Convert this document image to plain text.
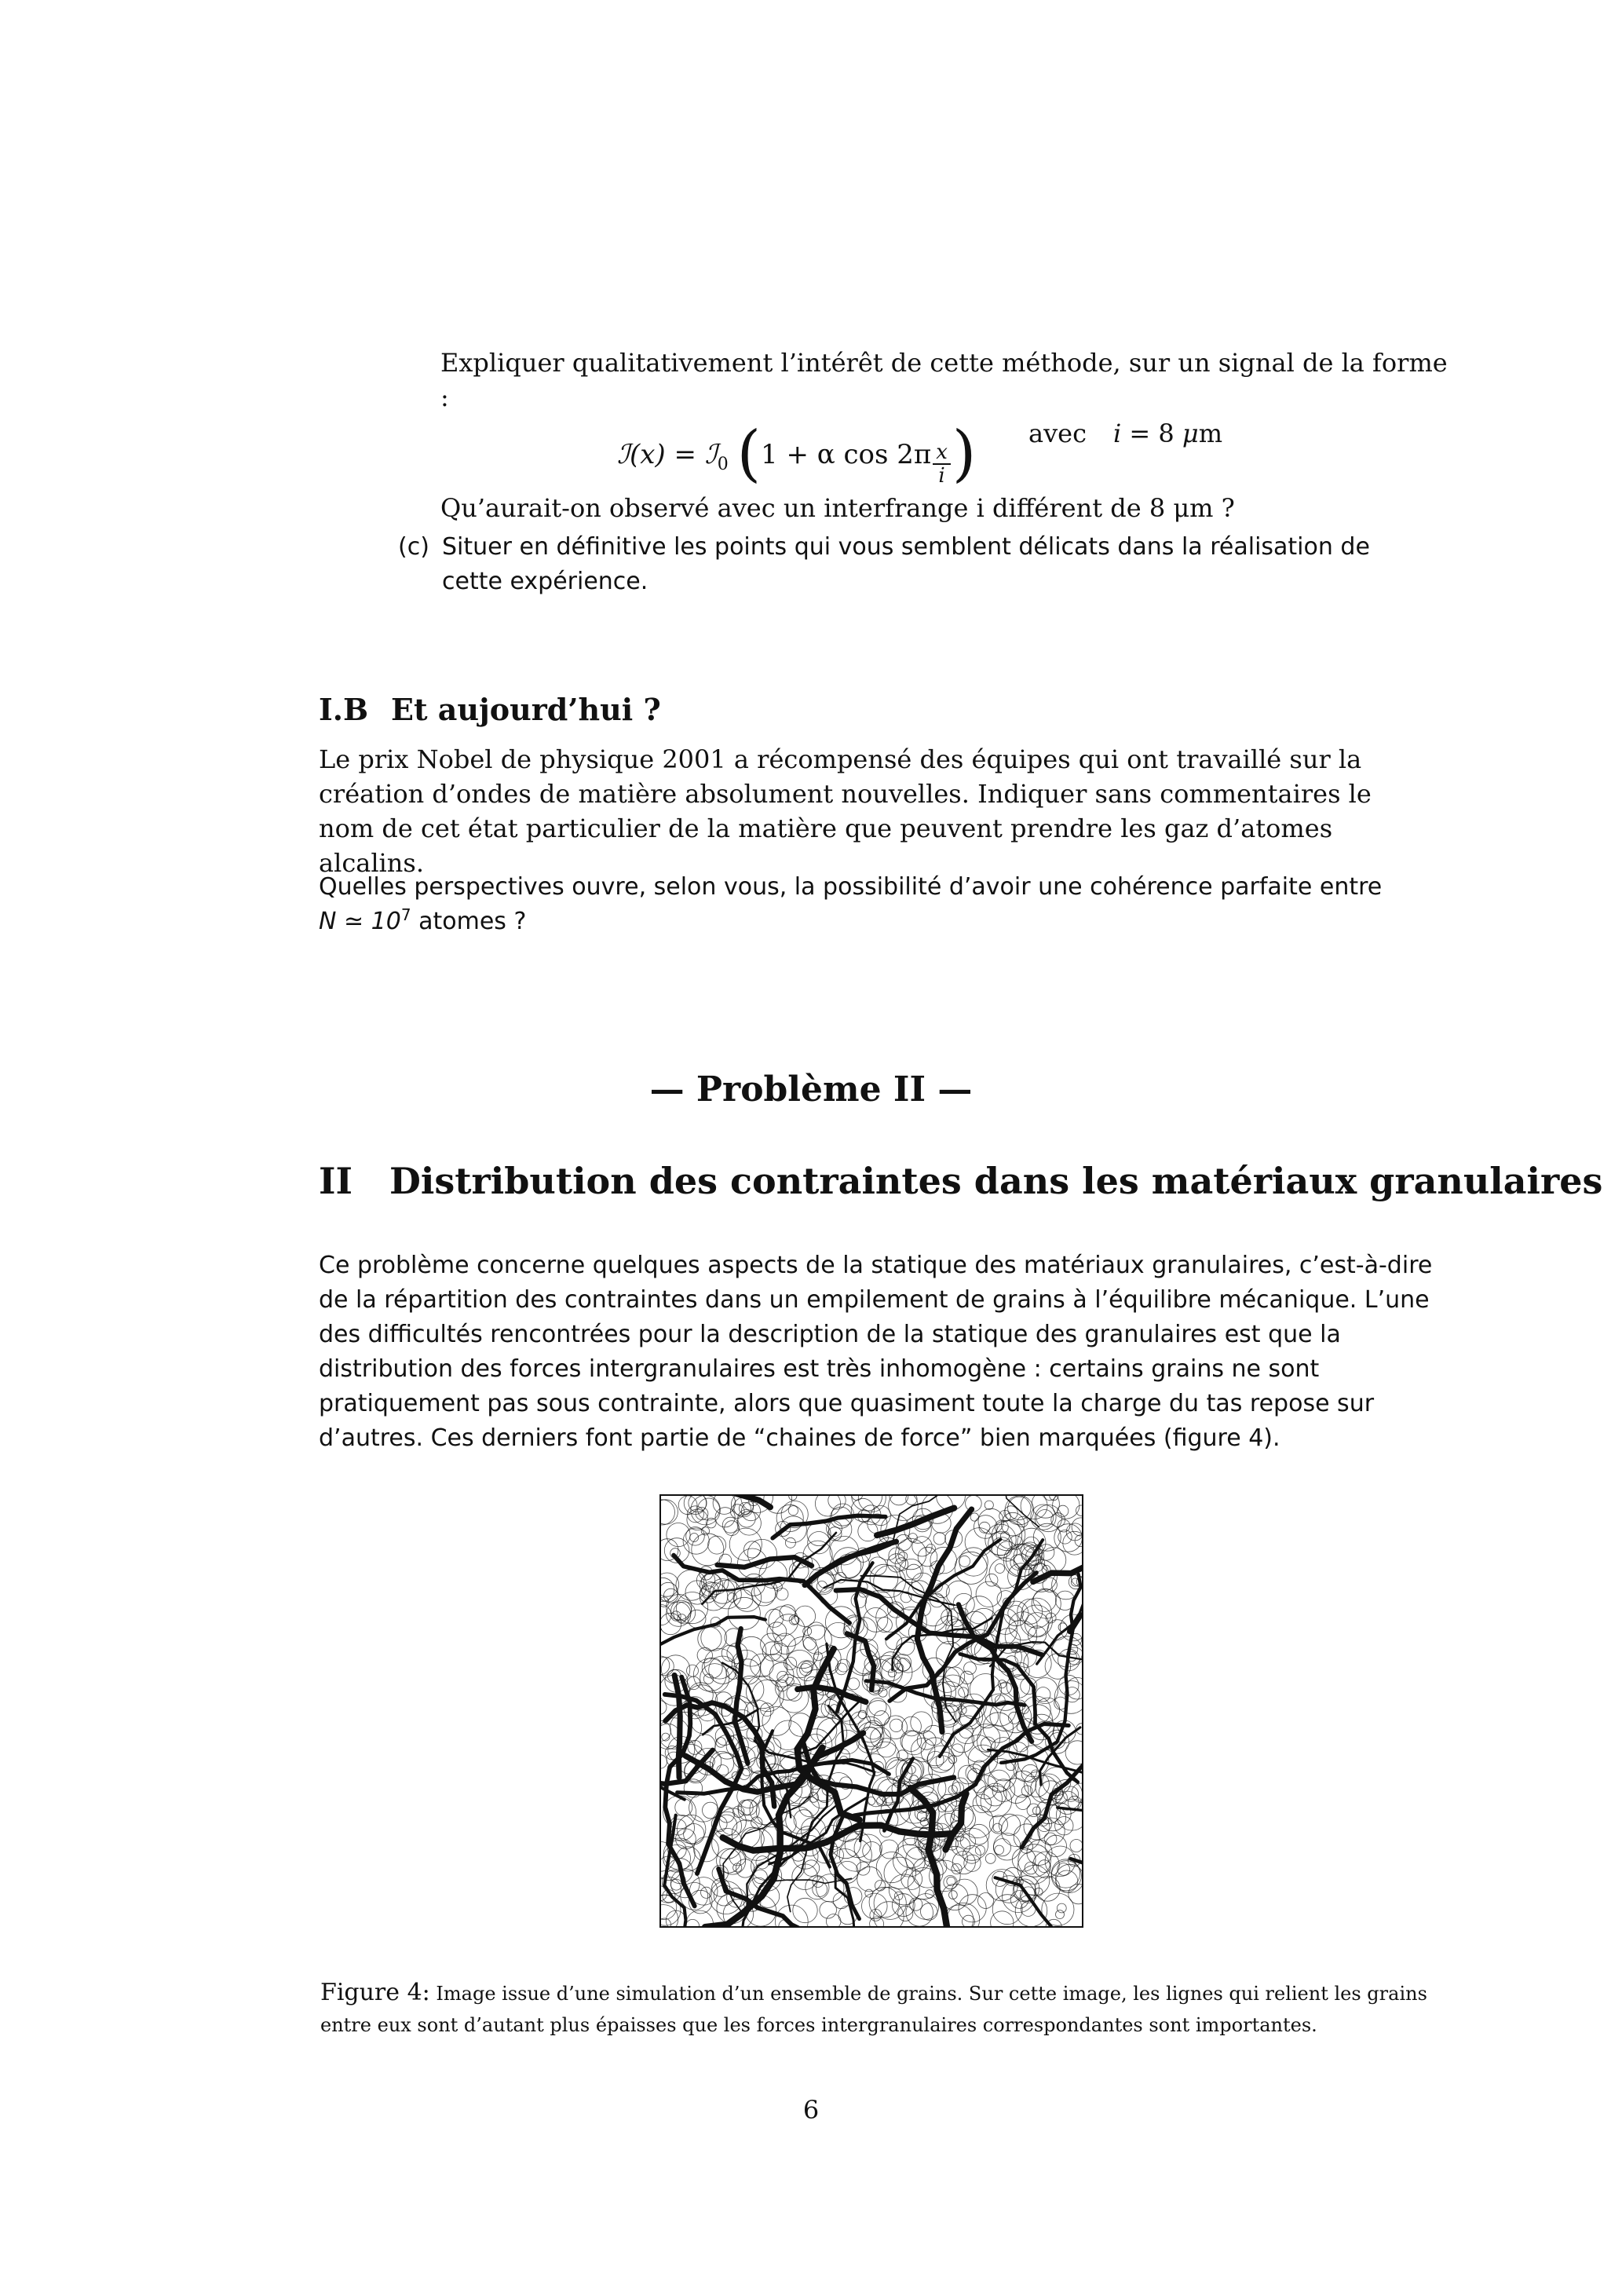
Expliquer qualitativement l’intérêt de cette méthode, sur un signal de la forme :
ℐ(x) = ℐ$_0$ (1 + α $\cos 2\pi \frac{x}{i}$ ) avec i = 8 μm
Qu’aurait-on observé avec un interfrange i différent de 8 μm ?
(c) Situer en définitive les points qui vous semblent délicats dans la réalisation de cette expérience.
I.B Et aujourd’hui ?
Le prix Nobel de physique 2001 a récompensé des équipes qui ont travaillé sur la création d’ondes de matière absolument nouvelles. Indiquer sans commentaires le nom de cet état particulier de la matière que peuvent prendre les gaz d’atomes alcalins.
Quelles perspectives ouvre, selon vous, la possibilité d’avoir une cohérence parfaite entre
N ≃ $10^7$ atomes ?
— Problème II —
II Distribution des contraintes dans les matériaux granulaires
Ce problème concerne quelques aspects de la statique des matériaux granulaires, c’est-à-dire de la répartition des contraintes dans un empilement de grains à l’équilibre mécanique. L’une des difficultés rencontrées pour la description de la statique des granulaires est que la distribution des forces intergranulaires est très inhomogène : certains grains ne sont pratiquement pas sous contrainte, alors que quasiment toute la charge du tas repose sur d’autres. Ces derniers font partie de “chaines de force” bien marquées (figure 4).
Figure 4: Image issue d’une simulation d’un ensemble de grains. Sur cette image, les lignes qui relient les grains entre eux sont d’autant plus épaisses que les forces intergranulaires correspondantes sont importantes.
6
